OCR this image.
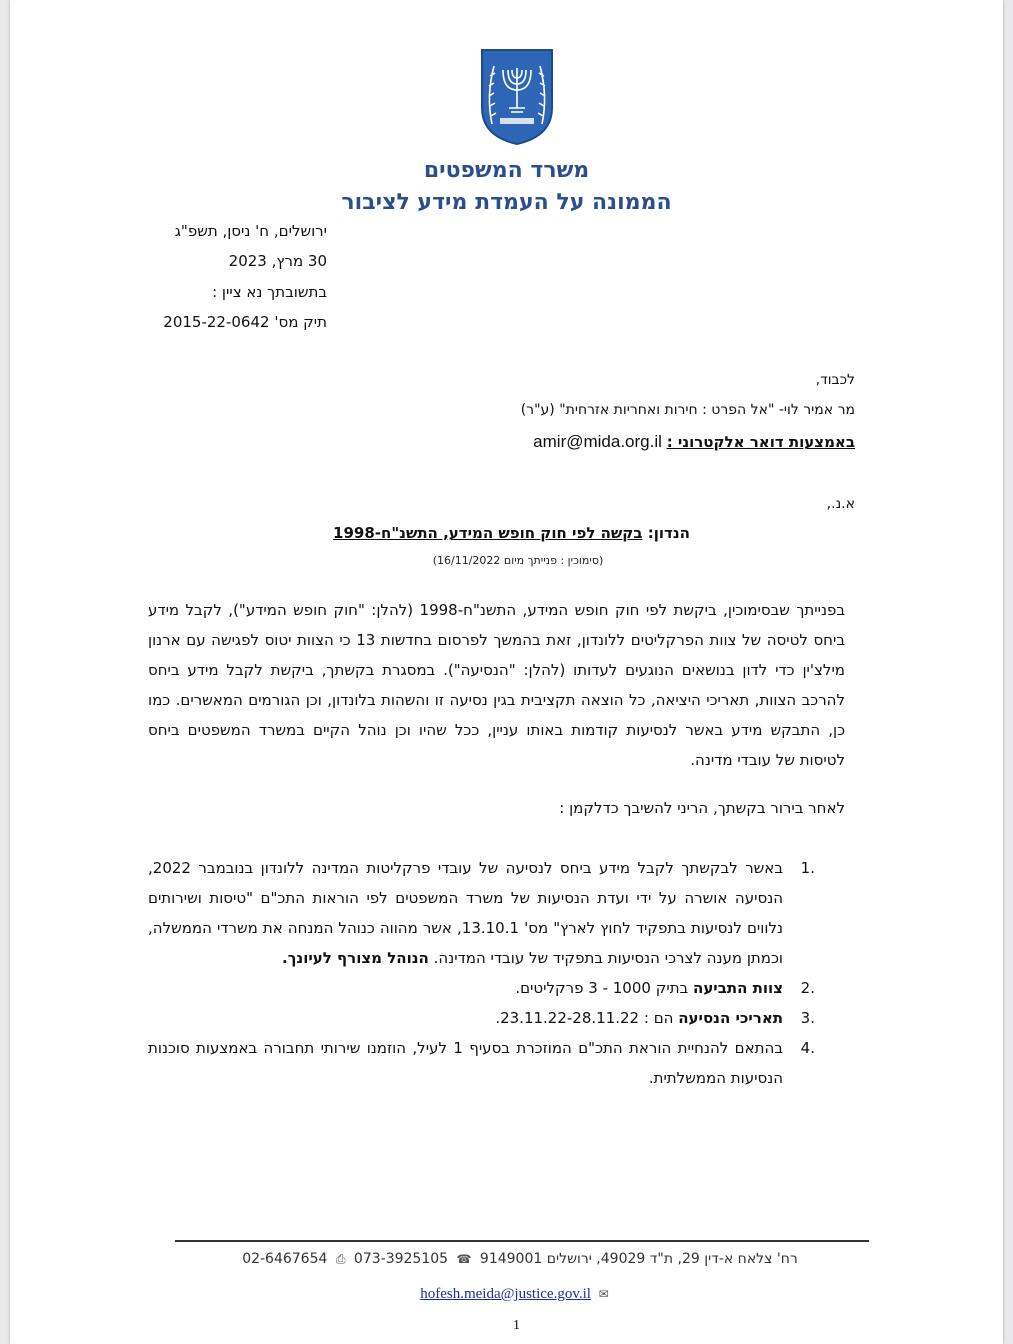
משרד המשפטים
הממונה על העמדת מידע לציבור
ירושלים, ח' ניסן, תשפ"ג
30 מרץ, 2023
בתשובתך נא ציין :
תיק מס' 2015-22-0642
לכבוד,
מר אמיר לוי- "אל הפרט : חירות ואחריות אזרחית" (ע"ר)
באמצעות דואר אלקטרוני : amir@mida.org.il
א.נ.,
הנדון: בקשה לפי חוק חופש המידע, התשנ"ח-1998
(סימוכין : פנייתך מיום 16/11/2022)
בפנייתך שבסימוכין, ביקשת לפי חוק חופש המידע, התשנ"ח-1998 (להלן: "חוק חופש המידע"), לקבל מידע ביחס לטיסה של צוות הפרקליטים ללונדון, זאת בהמשך לפרסום בחדשות 13 כי הצוות יטוס לפגישה עם ארנון מילצ'ין כדי לדון בנושאים הנוגעים לעדותו (להלן: "הנסיעה"). במסגרת בקשתך, ביקשת לקבל מידע ביחס להרכב הצוות, תאריכי היציאה, כל הוצאה תקציבית בגין נסיעה זו והשהות בלונדון, וכן הגורמים המאשרים. כמו כן, התבקש מידע באשר לנסיעות קודמות באותו עניין, ככל שהיו וכן נוהל הקיים במשרד המשפטים ביחס לטיסות של עובדי מדינה.
לאחר בירור בקשתך, הריני להשיבך כדלקמן :
.1
באשר לבקשתך לקבל מידע ביחס לנסיעה של עובדי פרקליטות המדינה ללונדון בנובמבר 2022, הנסיעה אושרה על ידי ועדת הנסיעות של משרד המשפטים לפי הוראות התכ"ם "טיסות ושירותים נלווים לנסיעות בתפקיד לחוץ לארץ" מס' 13.10.1, אשר מהווה כנוהל המנחה את משרדי הממשלה, וכמתן מענה לצרכי הנסיעות בתפקיד של עובדי המדינה. הנוהל מצורף לעיונך.
.2
צוות התביעה בתיק 1000 - 3 פרקליטים.
.3
תאריכי הנסיעה הם : 23.11.22-28.11.22.
.4
בהתאם להנחיית הוראת התכ"ם המוזכרת בסעיף 1 לעיל, הוזמנו שירותי תחבורה באמצעות סוכנות הנסיעות הממשלתית.
רח' צלאח א-דין 29, ת"ד 49029, ירושלים 9149001 ☎ 073-3925105 ⎙ 02-6467654
hofesh.meida@justice.gov.il ✉
1
